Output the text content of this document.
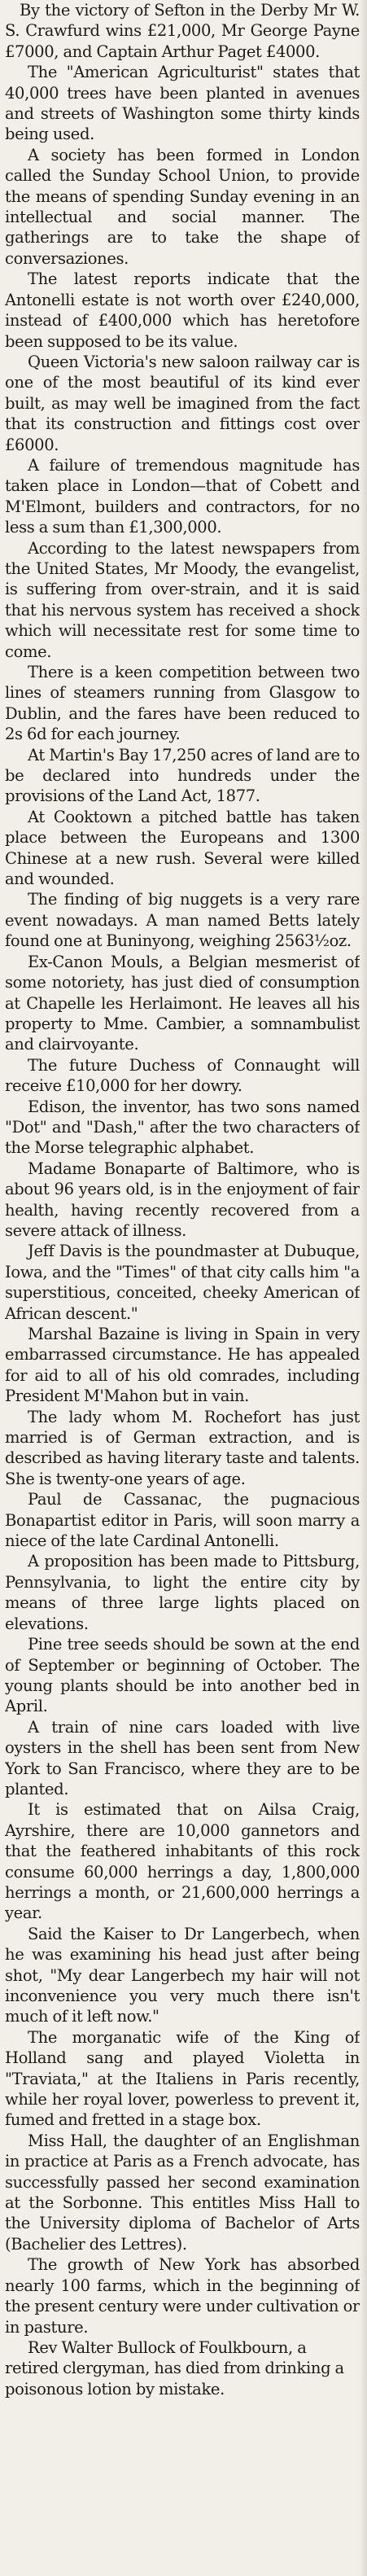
By the victory of Sefton in the Derby Mr W. S. Crawfurd wins £21,000, Mr George Payne £7000, and Captain Arthur Paget £4000.

The "American Agriculturist" states that 40,000 trees have been planted in avenues and streets of Washington some thirty kinds being used.

A society has been formed in London called the Sunday School Union, to provide the means of spending Sunday evening in an intellectual and social manner. The gatherings are to take the shape of conversaziones.

The latest reports indicate that the Antonelli estate is not worth over £240,000, instead of £400,000 which has heretofore been supposed to be its value.

Queen Victoria's new saloon railway car is one of the most beautiful of its kind ever built, as may well be imagined from the fact that its construction and fittings cost over £6000.

A failure of tremendous magnitude has taken place in London—that of Cobett and M'Elmont, builders and contractors, for no less a sum than £1,300,000.

According to the latest newspapers from the United States, Mr Moody, the evangelist, is suffering from over-strain, and it is said that his nervous system has received a shock which will necessitate rest for some time to come.

There is a keen competition between two lines of steamers running from Glasgow to Dublin, and the fares have been reduced to 2s 6d for each journey.

At Martin's Bay 17,250 acres of land are to be declared into hundreds under the provisions of the Land Act, 1877.

At Cooktown a pitched battle has taken place between the Europeans and 1300 Chinese at a new rush. Several were killed and wounded.

The finding of big nuggets is a very rare event nowadays. A man named Betts lately found one at Buninyong, weighing 2563½oz.

Ex-Canon Mouls, a Belgian mesmerist of some notoriety, has just died of consumption at Chapelle les Herlaimont. He leaves all his property to Mme. Cambier, a somnambulist and clairvoyante.

The future Duchess of Connaught will receive £10,000 for her dowry.

Edison, the inventor, has two sons named "Dot" and "Dash," after the two characters of the Morse telegraphic alphabet.

Madame Bonaparte of Baltimore, who is about 96 years old, is in the enjoyment of fair health, having recently recovered from a severe attack of illness.

Jeff Davis is the poundmaster at Dubuque, Iowa, and the "Times" of that city calls him "a superstitious, conceited, cheeky American of African descent."

Marshal Bazaine is living in Spain in very embarrassed circumstance. He has appealed for aid to all of his old comrades, including President M'Mahon but in vain.

The lady whom M. Rochefort has just married is of German extraction, and is described as having literary taste and talents. She is twenty-one years of age.

Paul de Cassanac, the pugnacious Bonapartist editor in Paris, will soon marry a niece of the late Cardinal Antonelli.

A proposition has been made to Pittsburg, Pennsylvania, to light the entire city by means of three large lights placed on elevations.

Pine tree seeds should be sown at the end of September or beginning of October. The young plants should be into another bed in April.

A train of nine cars loaded with live oysters in the shell has been sent from New York to San Francisco, where they are to be planted.

It is estimated that on Ailsa Craig, Ayrshire, there are 10,000 gannetors and that the feathered inhabitants of this rock consume 60,000 herrings a day, 1,800,000 herrings a month, or 21,600,000 herrings a year.

Said the Kaiser to Dr Langerbech, when he was examining his head just after being shot, "My dear Langerbech my hair will not inconvenience you very much there isn't much of it left now."

The morganatic wife of the King of Holland sang and played Violetta in "Traviata," at the Italiens in Paris recently, while her royal lover, powerless to prevent it, fumed and fretted in a stage box.

Miss Hall, the daughter of an Englishman in practice at Paris as a French advocate, has successfully passed her second examination at the Sorbonne. This entitles Miss Hall to the University diploma of Bachelor of Arts (Bachelier des Lettres).

The growth of New York has absorbed nearly 100 farms, which in the beginning of the present century were under cultivation or in pasture.

Rev Walter Bullock of Foulkbourn, a retired clergyman, has died from drinking a poisonous lotion by mistake.
